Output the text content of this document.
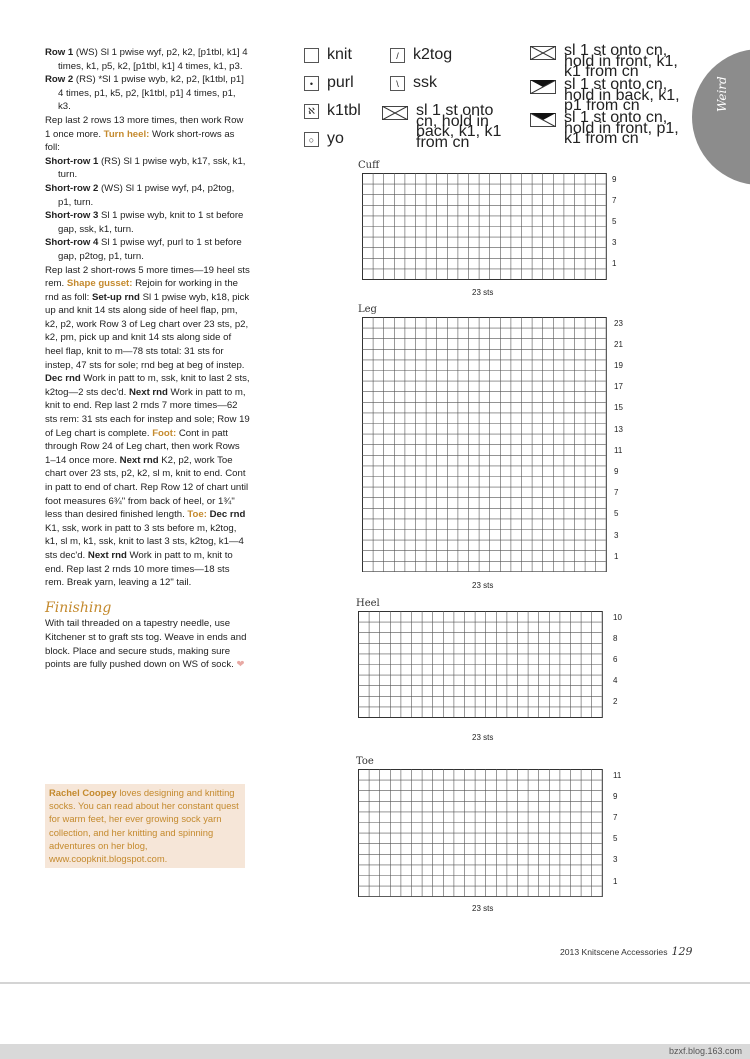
Weird

Row 1 (WS) Sl 1 pwise wyf, p2, k2, [p1tbl, k1] 4 times, k1, p5, k2, [p1tbl, k1] 4 times, k1, p3.

Row 2 (RS) *Sl 1 pwise wyb, k2, p2, [k1tbl, p1] 4 times, p1, k5, p2, [k1tbl, p1] 4 times, p1, k3.

Rep last 2 rows 13 more times, then work Row 1 once more. Turn heel: Work short-rows as foll:

Short-row 1 (RS) Sl 1 pwise wyb, k17, ssk, k1, turn.

Short-row 2 (WS) Sl 1 pwise wyf, p4, p2tog, p1, turn.

Short-row 3 Sl 1 pwise wyb, knit to 1 st before gap, ssk, k1, turn.

Short-row 4 Sl 1 pwise wyf, purl to 1 st before gap, p2tog, p1, turn.

Rep last 2 short-rows 5 more times—19 heel sts rem. Shape gusset: Rejoin for working in the rnd as foll: Set-up rnd Sl 1 pwise wyb, k18, pick up and knit 14 sts along side of heel flap, pm, k2, p2, work Row 3 of Leg chart over 23 sts, p2, k2, pm, pick up and knit 14 sts along side of heel flap, knit to m—78 sts total: 31 sts for instep, 47 sts for sole; rnd beg at beg of instep. Dec rnd Work in patt to m, ssk, knit to last 2 sts, k2tog—2 sts dec'd. Next rnd Work in patt to m, knit to end. Rep last 2 rnds 7 more times—62 sts rem: 31 sts each for instep and sole; Row 19 of Leg chart is complete. Foot: Cont in patt through Row 24 of Leg chart, then work Rows 1–14 once more. Next rnd K2, p2, work Toe chart over 23 sts, p2, k2, sl m, knit to end. Cont in patt to end of chart. Rep Row 12 of chart until foot measures 6¾" from back of heel, or 1¾" less than desired finished length. Toe: Dec rnd K1, ssk, work in patt to 3 sts before m, k2tog, k1, sl m, k1, ssk, knit to last 3 sts, k2tog, k1—4 sts dec'd. Next rnd Work in patt to m, knit to end. Rep last 2 rnds 10 more times—18 sts rem. Break yarn, leaving a 12" tail.

Finishing

With tail threaded on a tapestry needle, use Kitchener st to graft sts tog. Weave in ends and block. Place and secure studs, making sure points are fully pushed down on WS of sock. ❤

Rachel Coopey loves designing and knitting socks. You can read about her constant quest for warm feet, her ever growing sock yarn collection, and her knitting and spinning adventures on her blog, www.coopknit.blogspot.com.
knit
• purl
ℵ k1tbl
○ yo
/ k2tog
\ ssk
sl 1 st onto cn, hold in back, k1, k1 from cn
sl 1 st onto cn, hold in front, k1, k1 from cn
sl 1 st onto cn, hold in back, k1, p1 from cn
sl 1 st onto cn, hold in front, p1, k1 from cn
Cuff
23 sts
9
7
5
3
1
Leg
23 sts
23
21
19
17
15
13
11
9
7
5
3
1
Heel
23 sts
10
8
6
4
2
Toe
23 sts
11
9
7
5
3
1
2013 Knitscene Accessories 129
bzxf.blog.163.com
